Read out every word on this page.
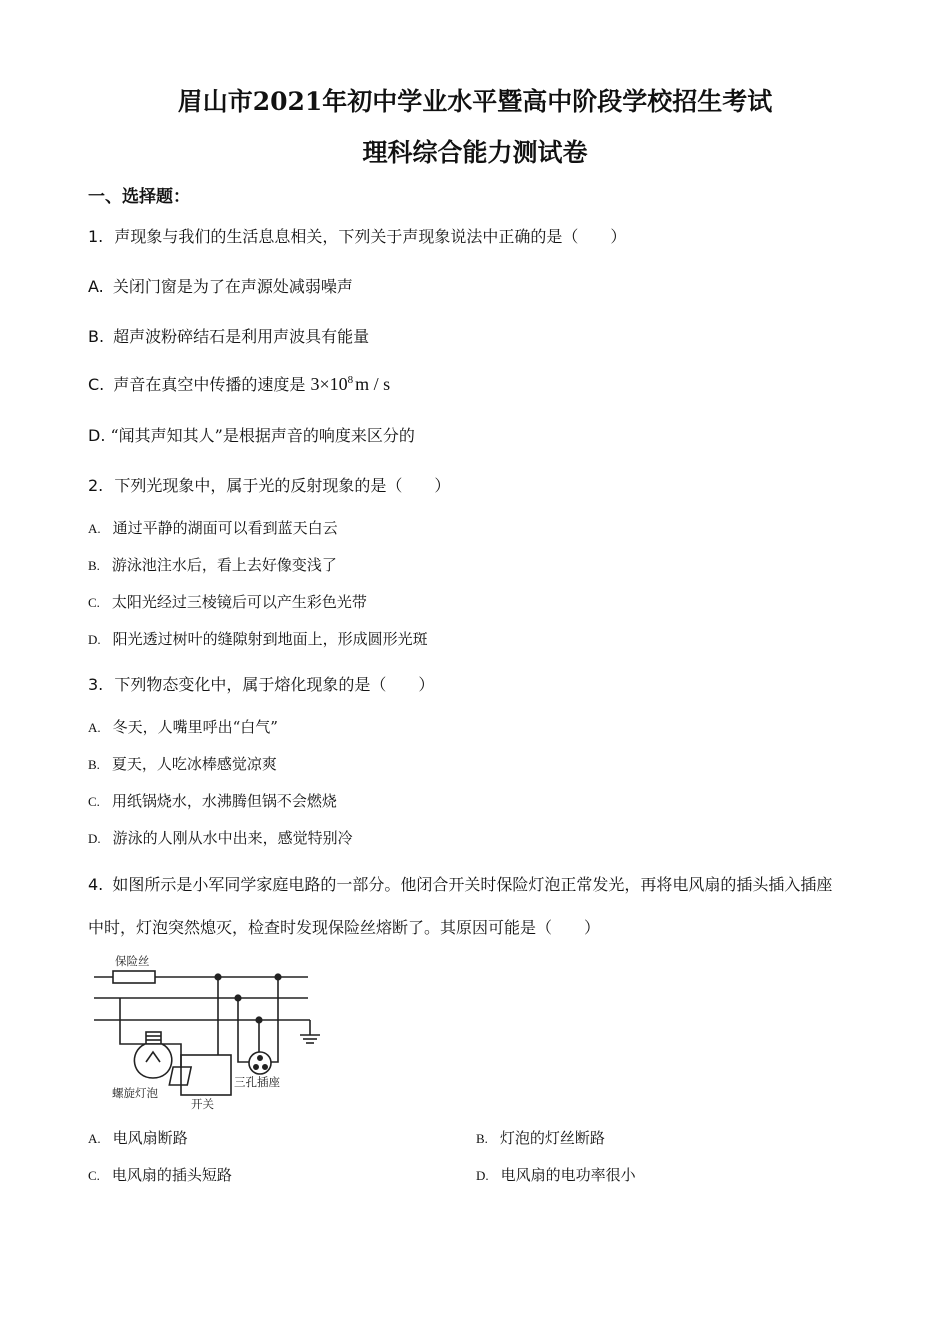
眉山市2021年初中学业水平暨高中阶段学校招生考试
理科综合能力测试卷
一、选择题：
1. 声现象与我们的生活息息相关，下列关于声现象说法中正确的是（　　）
A. 关闭门窗是为了在声源处减弱噪声
B. 超声波粉碎结石是利用声波具有能量
C. 声音在真空中传播的速度是 $3\times 10^8$ m / s
D. “闻其声知其人”是根据声音的响度来区分的
2. 下列光现象中，属于光的反射现象的是（　　）
A. 通过平静的湖面可以看到蓝天白云
B. 游泳池注水后，看上去好像变浅了
C. 太阳光经过三棱镜后可以产生彩色光带
D. 阳光透过树叶的缝隙射到地面上，形成圆形光斑
3. 下列物态变化中，属于熔化现象的是（　　）
A. 冬天，人嘴里呼出“白气”
B. 夏天，人吃冰棒感觉凉爽
C. 用纸锅烧水，水沸腾但锅不会燃烧
D. 游泳的人刚从水中出来，感觉特别冷
4. 如图所示是小军同学家庭电路的一部分。他闭合开关时保险灯泡正常发光，再将电风扇的插头插入插座
中时，灯泡突然熄灭，检查时发现保险丝熔断了。其原因可能是（　　）
保险丝
螺旋灯泡
开关
三孔插座
A. 电风扇断路	B. 灯泡的灯丝断路
C. 电风扇的插头短路	D. 电风扇的电功率很小
